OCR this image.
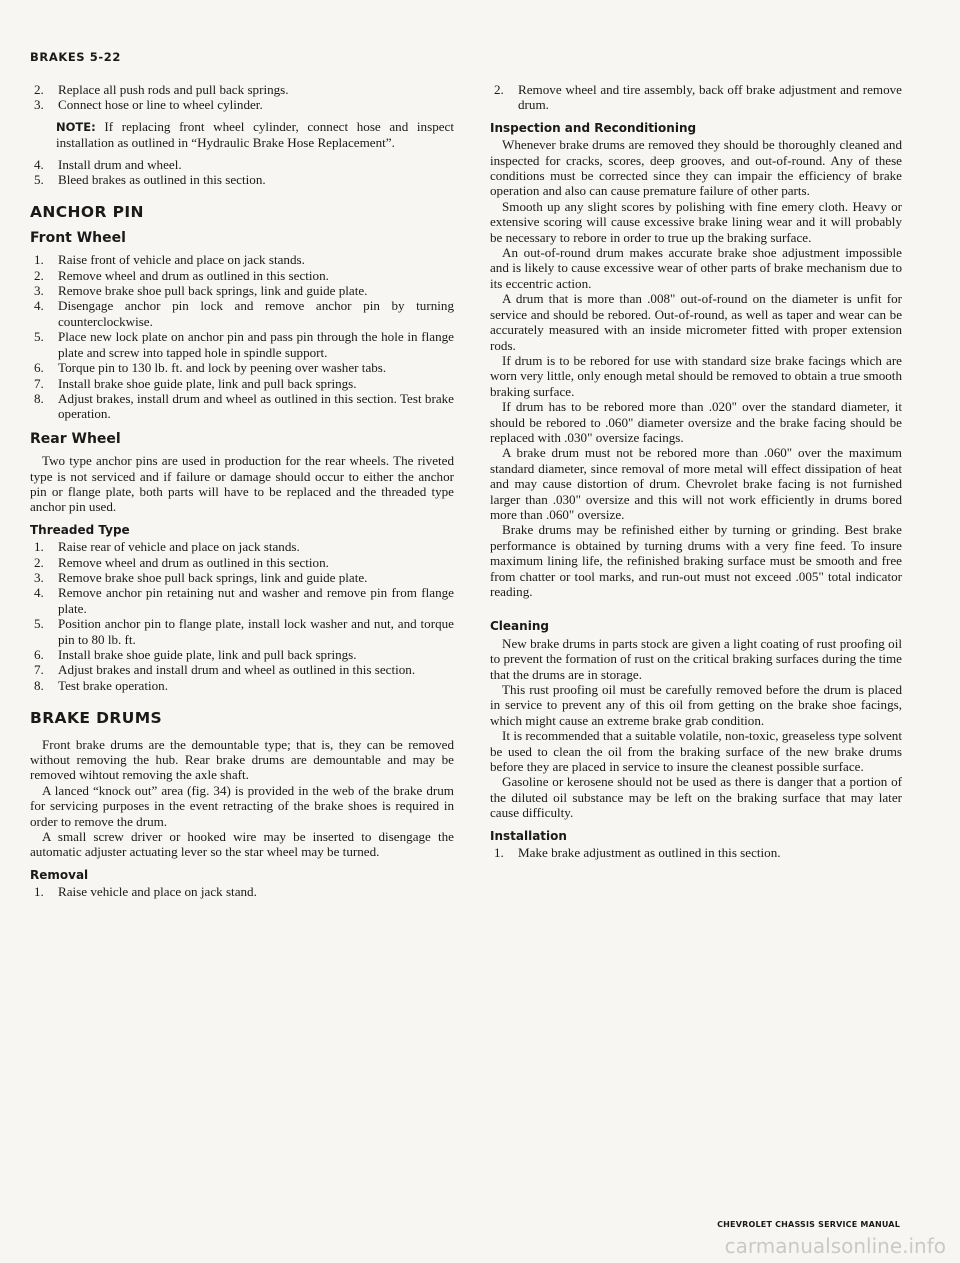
BRAKES 5-22
2.	Replace all push rods and pull back springs.
3.	Connect hose or line to wheel cylinder.
NOTE: If replacing front wheel cylinder, connect hose and inspect installation as outlined in “Hydraulic Brake Hose Replacement”.
4.	Install drum and wheel.
5.	Bleed brakes as outlined in this section.
ANCHOR PIN
Front Wheel
1.	Raise front of vehicle and place on jack stands.
2.	Remove wheel and drum as outlined in this section.
3.	Remove brake shoe pull back springs, link and guide plate.
4.	Disengage anchor pin lock and remove anchor pin by turning counterclockwise.
5.	Place new lock plate on anchor pin and pass pin through the hole in flange plate and screw into tapped hole in spindle support.
6.	Torque pin to 130 lb. ft. and lock by peening over washer tabs.
7.	Install brake shoe guide plate, link and pull back springs.
8.	Adjust brakes, install drum and wheel as outlined in this section. Test brake operation.
Rear Wheel

Two type anchor pins are used in production for the rear wheels. The riveted type is not serviced and if failure or damage should occur to either the anchor pin or flange plate, both parts will have to be replaced and the threaded type anchor pin used.

Threaded Type
1.	Raise rear of vehicle and place on jack stands.
2.	Remove wheel and drum as outlined in this section.
3.	Remove brake shoe pull back springs, link and guide plate.
4.	Remove anchor pin retaining nut and washer and remove pin from flange plate.
5.	Position anchor pin to flange plate, install lock washer and nut, and torque pin to 80 lb. ft.
6.	Install brake shoe guide plate, link and pull back springs.
7.	Adjust brakes and install drum and wheel as outlined in this section.
8.	Test brake operation.
BRAKE DRUMS

Front brake drums are the demountable type; that is, they can be removed without removing the hub. Rear brake drums are demountable and may be removed wihtout removing the axle shaft.

A lanced “knock out” area (fig. 34) is provided in the web of the brake drum for servicing purposes in the event retracting of the brake shoes is required in order to remove the drum.

A small screw driver or hooked wire may be inserted to disengage the automatic adjuster actuating lever so the star wheel may be turned.

Removal
1.	Raise vehicle and place on jack stand.
2.	Remove wheel and tire assembly, back off brake adjustment and remove drum.
Inspection and Reconditioning

Whenever brake drums are removed they should be thoroughly cleaned and inspected for cracks, scores, deep grooves, and out-of-round. Any of these conditions must be corrected since they can impair the efficiency of brake operation and also can cause premature failure of other parts.

Smooth up any slight scores by polishing with fine emery cloth. Heavy or extensive scoring will cause excessive brake lining wear and it will probably be necessary to rebore in order to true up the braking surface.

An out-of-round drum makes accurate brake shoe adjustment impossible and is likely to cause excessive wear of other parts of brake mechanism due to its eccentric action.

A drum that is more than .008" out-of-round on the diameter is unfit for service and should be rebored. Out-of-round, as well as taper and wear can be accurately measured with an inside micrometer fitted with proper extension rods.

If drum is to be rebored for use with standard size brake facings which are worn very little, only enough metal should be removed to obtain a true smooth braking surface.

If drum has to be rebored more than .020" over the standard diameter, it should be rebored to .060" diameter oversize and the brake facing should be replaced with .030" oversize facings.

A brake drum must not be rebored more than .060" over the maximum standard diameter, since removal of more metal will effect dissipation of heat and may cause distortion of drum. Chevrolet brake facing is not furnished larger than .030" oversize and this will not work efficiently in drums bored more than .060" oversize.

Brake drums may be refinished either by turning or grinding. Best brake performance is obtained by turning drums with a very fine feed. To insure maximum lining life, the refinished braking surface must be smooth and free from chatter or tool marks, and run-out must not exceed .005" total indicator reading.

Cleaning

New brake drums in parts stock are given a light coating of rust proofing oil to prevent the formation of rust on the critical braking surfaces during the time that the drums are in storage.

This rust proofing oil must be carefully removed before the drum is placed in service to prevent any of this oil from getting on the brake shoe facings, which might cause an extreme brake grab condition.

It is recommended that a suitable volatile, non-toxic, greaseless type solvent be used to clean the oil from the braking surface of the new brake drums before they are placed in service to insure the cleanest possible surface.

Gasoline or kerosene should not be used as there is danger that a portion of the diluted oil substance may be left on the braking surface that may later cause difficulty.

Installation
1.	Make brake adjustment as outlined in this section.
CHEVROLET CHASSIS SERVICE MANUAL
carmanualsonline.info
